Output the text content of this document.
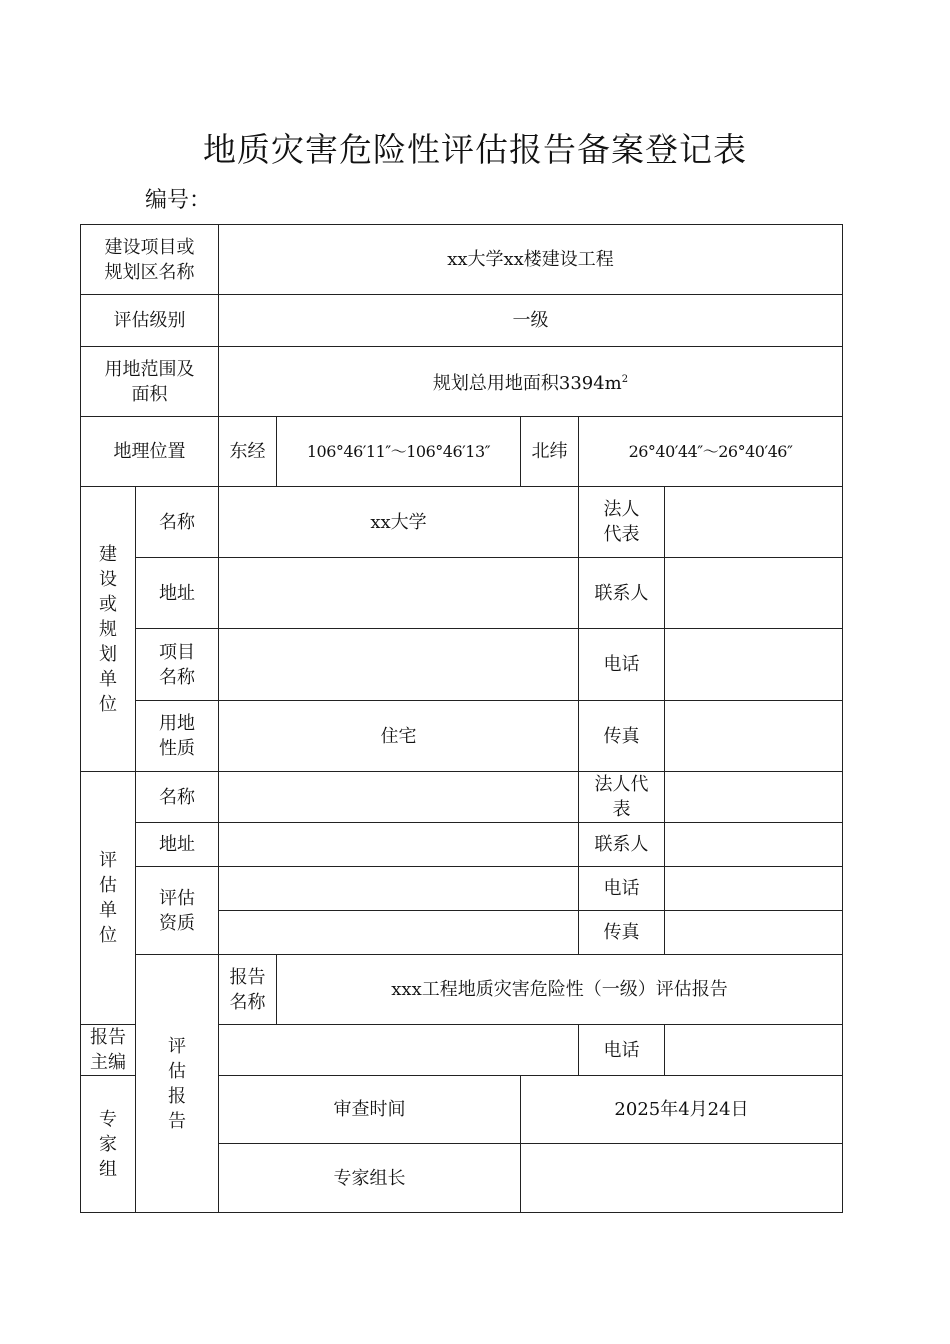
地质灾害危险性评估报告备案登记表
编号：
建设项目或
规划区名称		xx大学xx楼建设工程				
评估级别		一级				

用地范围及
面积		规划总用地面积$3394m^2$
地理位置		东经	106°46′11″～106°46′13″	北纬	26°40′44″～26°40′46″	

建设或规划单位	名称	xx大学			法人
代表	

	地址				联系人	

	项目
名称				电话	

	用地
性质	住宅			传真	

评估单位	名称				法人代
表	

	地址				联系人	

	评估
资质				电话	
					传真	

	评估报告	报告
名称	xxx工程地质灾害危险性（一级）评估报告			

报告
主编					电话	

专家组		审查时间		2025年4月24日		
		专家组长				
